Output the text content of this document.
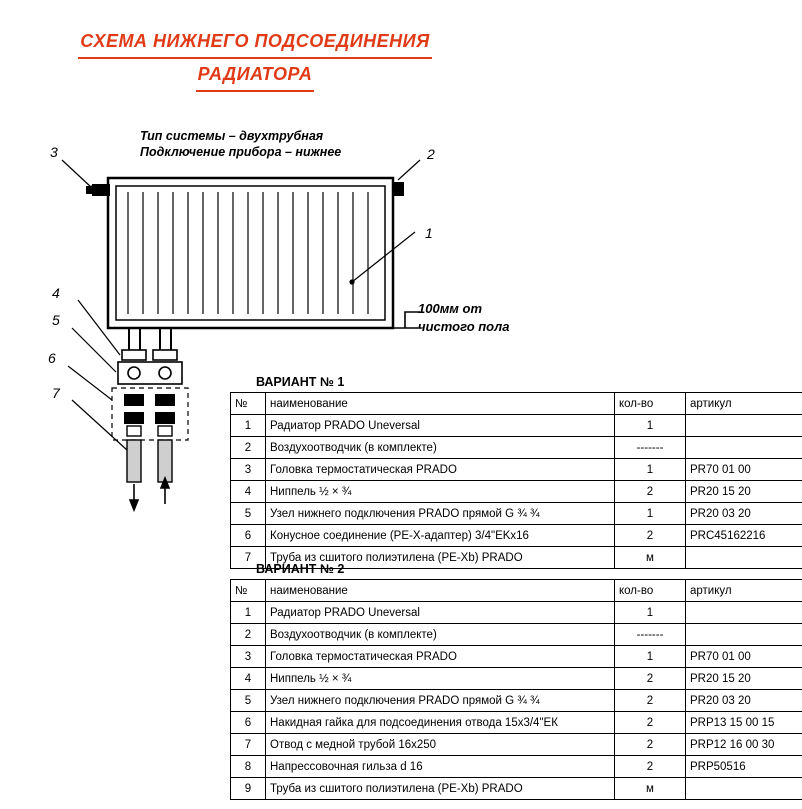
СХЕМА НИЖНЕГО ПОДСОЕДИНЕНИЯ
РАДИАТОРА
Тип системы – двухтрубная
Подключение прибора – нижнее
100мм от
чистого пола
1
2
3
4
5
6
7
ВАРИАНТ № 1
№	наименование	кол-во	артикул
1	Радиатор PRADO Uneversal	1	
2	Воздухоотводчик (в комплекте)	-------	
3	Головка термостатическая PRADO	1	PR70 01 00
4	Ниппель ½ × ¾	2	PR20 15 20
5	Узел нижнего подключения PRADO прямой G ¾ ¾	1	PR20 03 20
6	Конусное соединение (PE-X-адаптер) 3/4"EKx16	2	PRC45162216
7	Труба из сшитого полиэтилена (PE-Xb) PRADO	м	
ВАРИАНТ № 2
№	наименование	кол-во	артикул
1	Радиатор PRADO Uneversal	1	
2	Воздухоотводчик (в комплекте)	-------	
3	Головка термостатическая PRADO	1	PR70 01 00
4	Ниппель ½ × ¾	2	PR20 15 20
5	Узел нижнего подключения PRADO прямой G ¾ ¾	2	PR20 03 20
6	Накидная гайка для подсоединения отвода 15х3/4"ЕК	2	PRP13 15 00 15
7	Отвод с медной трубой 16х250	2	PRP12 16 00 30
8	Напрессовочная гильза d 16	2	PRP50516
9	Труба из сшитого полиэтилена (PE-Xb) PRADO	м	
